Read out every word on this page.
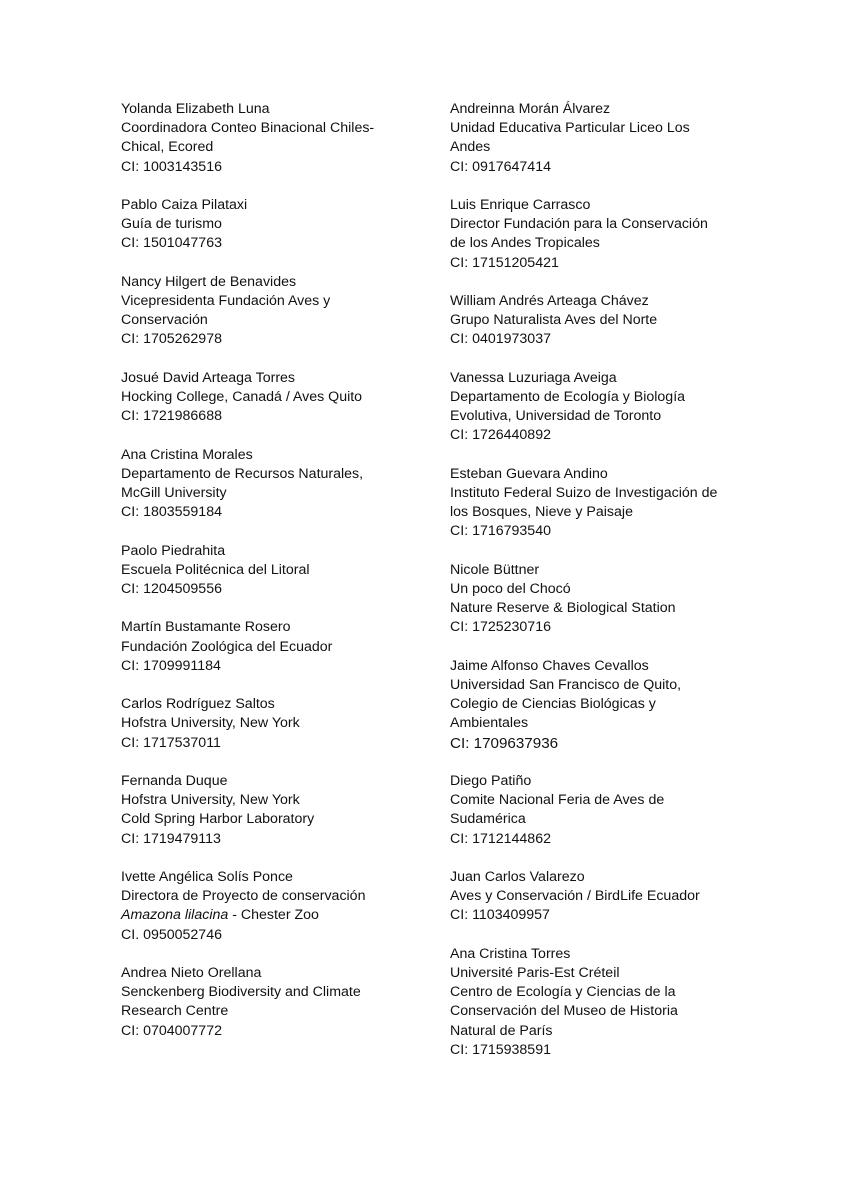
Yolanda Elizabeth Luna
Coordinadora Conteo Binacional Chiles-
Chical, Ecored
CI: 1003143516
Pablo Caiza Pilataxi
Guía de turismo
CI: 1501047763
Nancy Hilgert de Benavides
Vicepresidenta Fundación Aves y
Conservación
CI: 1705262978
Josué David Arteaga Torres
Hocking College, Canadá / Aves Quito
CI: 1721986688
Ana Cristina Morales
Departamento de Recursos Naturales,
McGill University
CI: 1803559184
Paolo Piedrahita
Escuela Politécnica del Litoral
CI: 1204509556
Martín Bustamante Rosero
Fundación Zoológica del Ecuador
CI: 1709991184
Carlos Rodríguez Saltos
Hofstra University, New York
CI: 1717537011
Fernanda Duque
Hofstra University, New York
Cold Spring Harbor Laboratory
CI: 1719479113
Ivette Angélica Solís Ponce
Directora de Proyecto de conservación
Amazona lilacina - Chester Zoo
CI. 0950052746
Andrea Nieto Orellana
Senckenberg Biodiversity and Climate
Research Centre
CI: 0704007772
Andreinna Morán Álvarez
Unidad Educativa Particular Liceo Los
Andes
CI: 0917647414
Luis Enrique Carrasco
Director Fundación para la Conservación
de los Andes Tropicales
CI: 17151205421
William Andrés Arteaga Chávez
Grupo Naturalista Aves del Norte
CI: 0401973037
Vanessa Luzuriaga Aveiga
Departamento de Ecología y Biología
Evolutiva, Universidad de Toronto
CI: 1726440892
Esteban Guevara Andino
Instituto Federal Suizo de Investigación de
los Bosques, Nieve y Paisaje
CI: 1716793540
Nicole Büttner
Un poco del Chocó
Nature Reserve & Biological Station
CI: 1725230716
Jaime Alfonso Chaves Cevallos
Universidad San Francisco de Quito,
Colegio de Ciencias Biológicas y
Ambientales
CI: 1709637936
Diego Patiño
Comite Nacional Feria de Aves de
Sudamérica
CI: 1712144862
Juan Carlos Valarezo
Aves y Conservación / BirdLife Ecuador
CI: 1103409957
Ana Cristina Torres
Université Paris-Est Créteil
Centro de Ecología y Ciencias de la
Conservación del Museo de Historia
Natural de París
CI: 1715938591
